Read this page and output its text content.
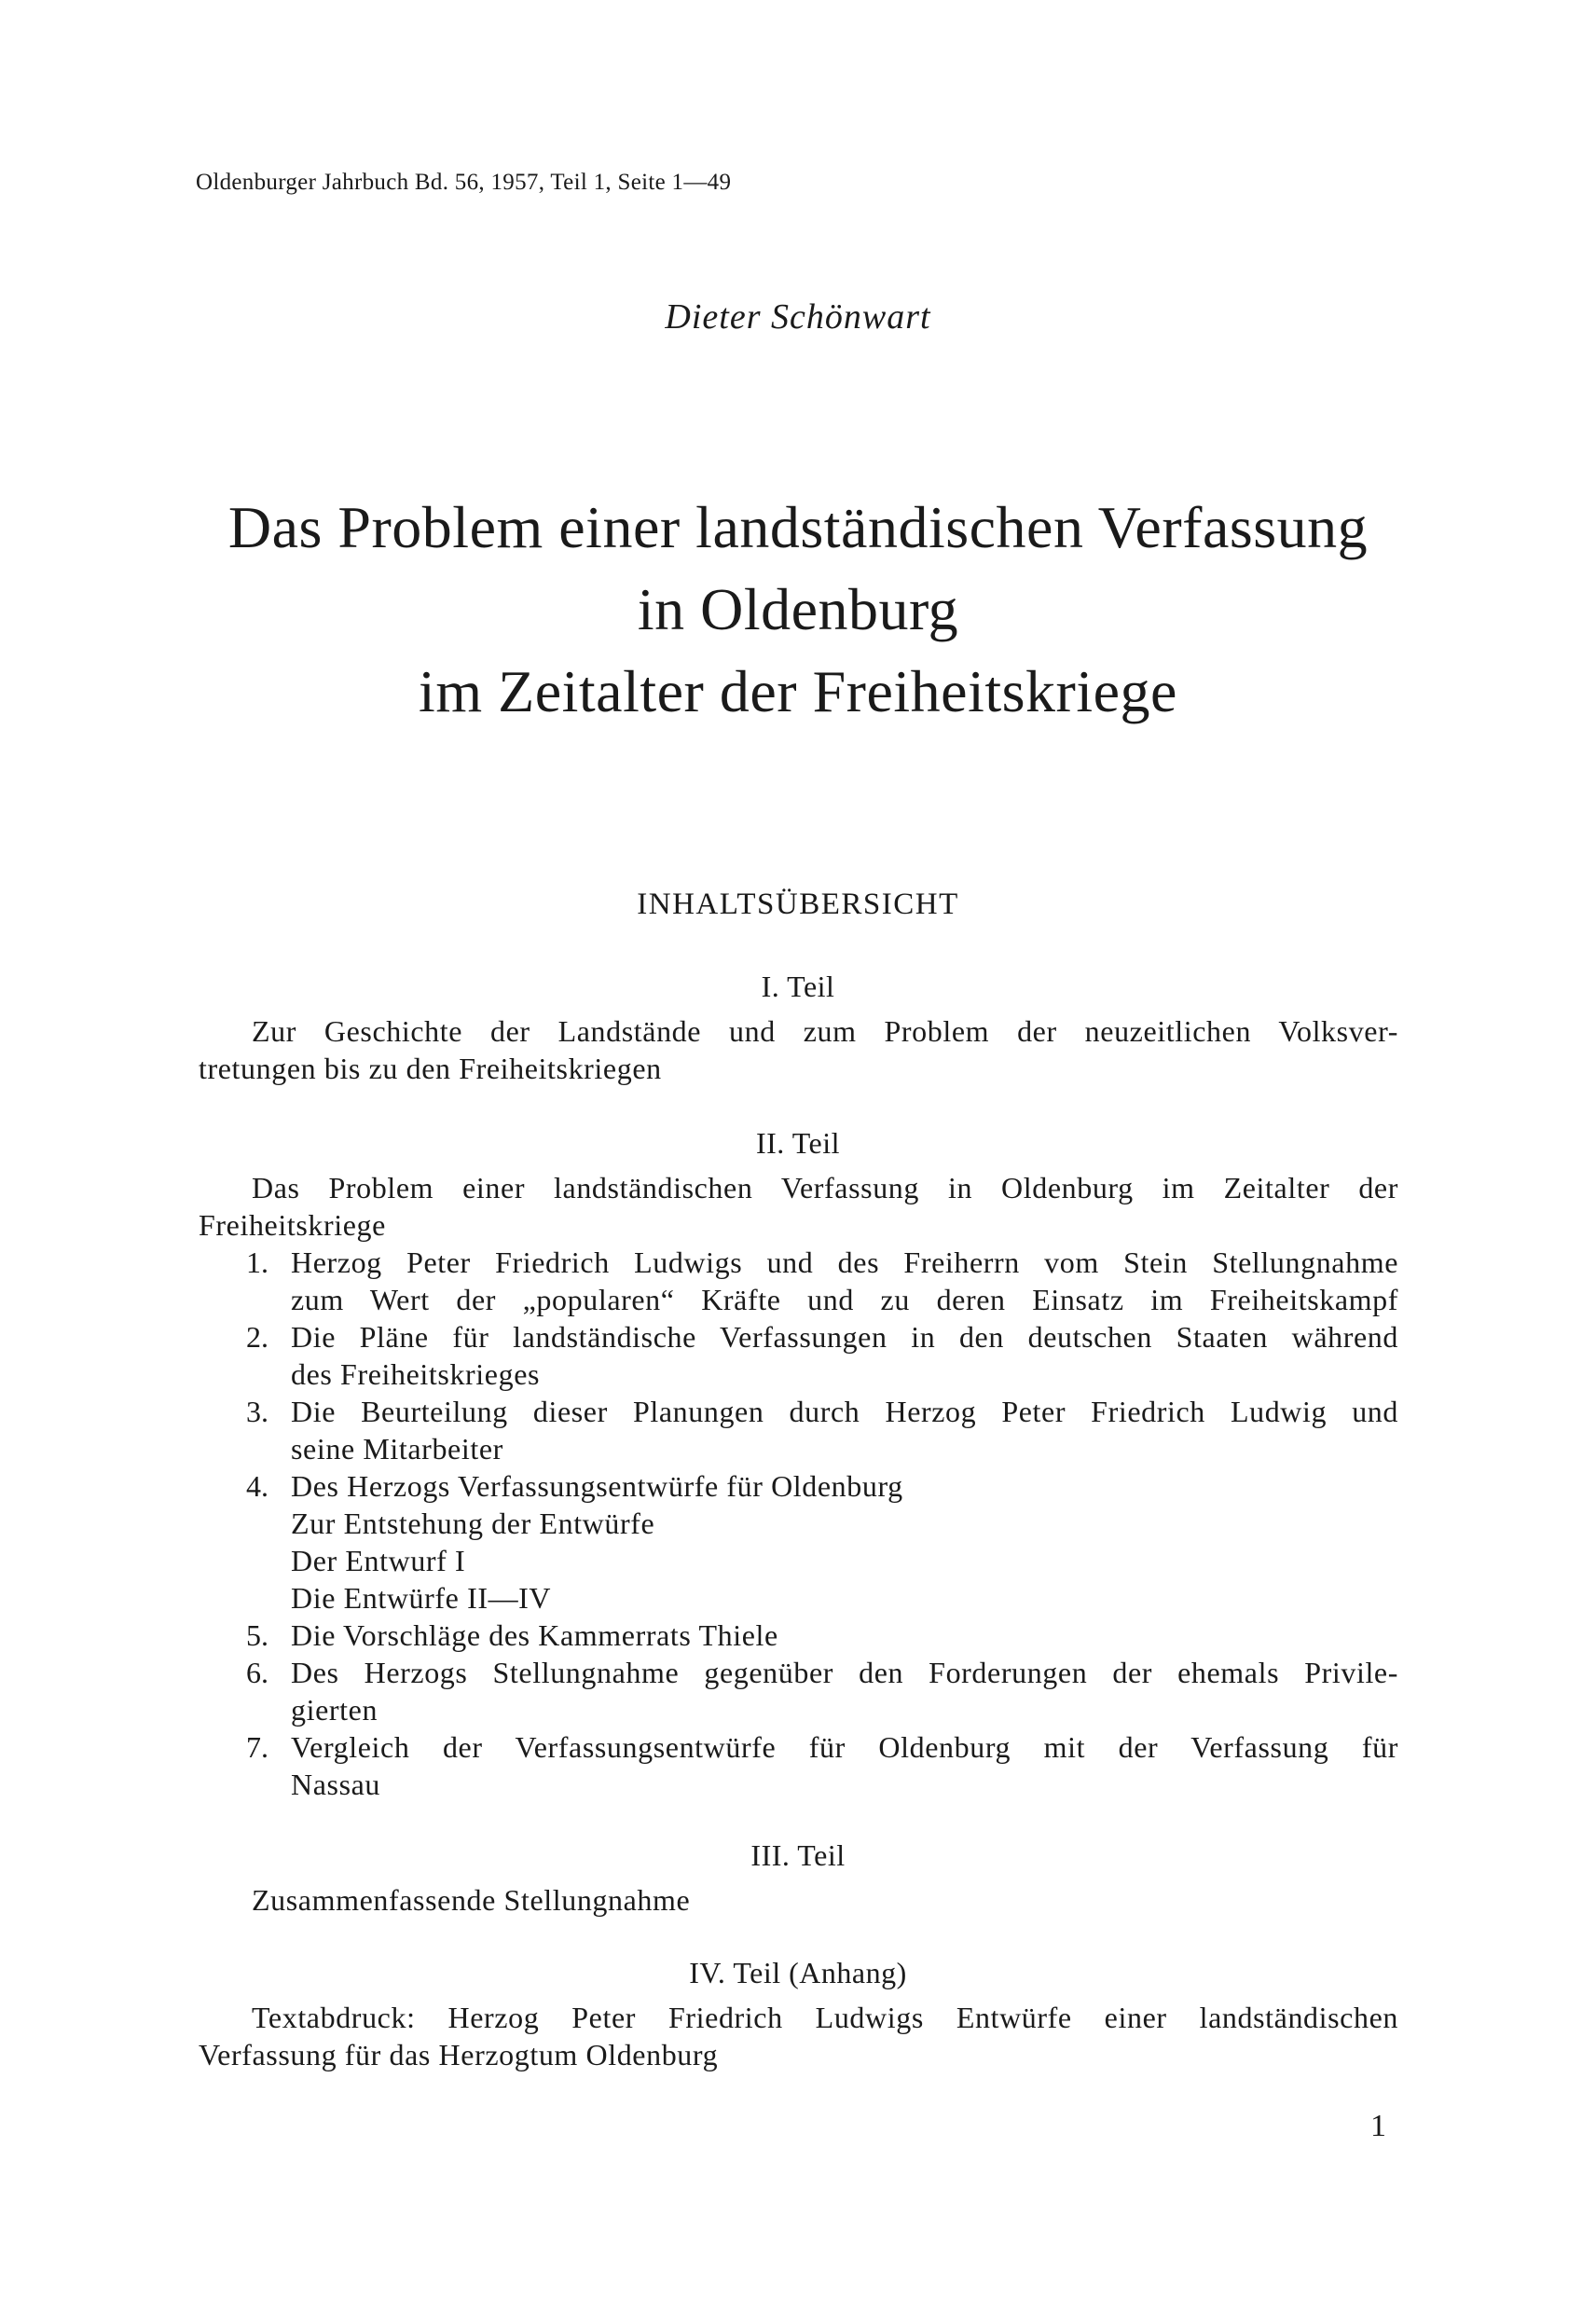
Oldenburger Jahrbuch Bd. 56, 1957, Teil 1, Seite 1—49
Dieter Schönwart
Das Problem einer landständischen Verfassung
in Oldenburg
im Zeitalter der Freiheitskriege
INHALTSÜBERSICHT
I. Teil
Zur Geschichte der Landstände und zum Problem der neuzeitlichen Volksver-
tretungen bis zu den Freiheitskriegen
II. Teil
Das Problem einer landständischen Verfassung in Oldenburg im Zeitalter der
Freiheitskriege
1. Herzog Peter Friedrich Ludwigs und des Freiherrn vom Stein Stellungnahme
zum Wert der „popularen“ Kräfte und zu deren Einsatz im Freiheitskampf
2. Die Pläne für landständische Verfassungen in den deutschen Staaten während
des Freiheitskrieges
3. Die Beurteilung dieser Planungen durch Herzog Peter Friedrich Ludwig und
seine Mitarbeiter
4. Des Herzogs Verfassungsentwürfe für Oldenburg
Zur Entstehung der Entwürfe
Der Entwurf I
Die Entwürfe II—IV
5. Die Vorschläge des Kammerrats Thiele
6. Des Herzogs Stellungnahme gegenüber den Forderungen der ehemals Privile-
gierten
7. Vergleich der Verfassungsentwürfe für Oldenburg mit der Verfassung für
Nassau
III. Teil
Zusammenfassende Stellungnahme
IV. Teil (Anhang)
Textabdruck: Herzog Peter Friedrich Ludwigs Entwürfe einer landständischen
Verfassung für das Herzogtum Oldenburg
1
